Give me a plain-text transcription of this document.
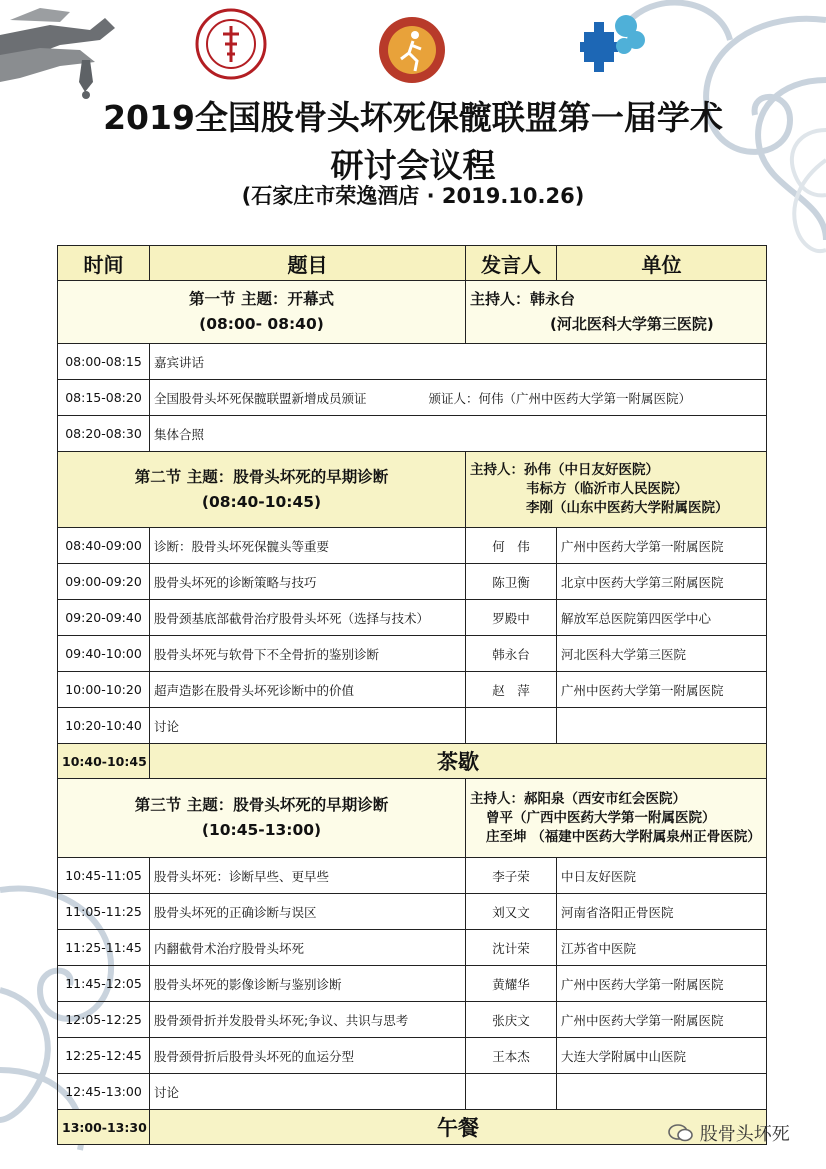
2019全国股骨头坏死保髋联盟第一届学术
研讨会议程
(石家庄市荣逸酒店 · 2019.10.26)
时间	题目	发言人	单位

第一节 主题：开幕式
(08:00- 08:40)		主持人：韩永台
(河北医科大学第三医院)	

08:00-08:15	嘉宾讲话		
08:15-08:20	全国股骨头坏死保髋联盟新增成员颁证 颁证人：何伟（广州中医药大学第一附属医院）		
08:20-08:30	集体合照		

第二节 主题：股骨头坏死的早期诊断
(08:40-10:45)		主持人：孙伟（中日友好医院）
韦标方（临沂市人民医院）
李刚（山东中医药大学附属医院）	

08:40-09:00	诊断：股骨头坏死保髋头等重要	何　伟	广州中医药大学第一附属医院
09:00-09:20	股骨头坏死的诊断策略与技巧	陈卫衡	北京中医药大学第三附属医院
09:20-09:40	股骨颈基底部截骨治疗股骨头坏死（选择与技术）	罗殿中	解放军总医院第四医学中心
09:40-10:00	股骨头坏死与软骨下不全骨折的鉴别诊断	韩永台	河北医科大学第三医院
10:00-10:20	超声造影在股骨头坏死诊断中的价值	赵　萍	广州中医药大学第一附属医院
10:20-10:40	讨论		
10:40-10:45	茶歇		

第三节 主题：股骨头坏死的早期诊断
(10:45-13:00)		主持人：郝阳泉（西安市红会医院）
曾平（广西中医药大学第一附属医院）
庄至坤 （福建中医药大学附属泉州正骨医院）	

10:45-11:05	股骨头坏死：诊断早些、更早些	李子荣	中日友好医院
11:05-11:25	股骨头坏死的正确诊断与误区	刘又文	河南省洛阳正骨医院
11:25-11:45	内翻截骨术治疗股骨头坏死	沈计荣	江苏省中医院
11:45-12:05	股骨头坏死的影像诊断与鉴别诊断	黄耀华	广州中医药大学第一附属医院
12:05-12:25	股骨颈骨折并发股骨头坏死;争议、共识与思考	张庆文	广州中医药大学第一附属医院
12:25-12:45	股骨颈骨折后股骨头坏死的血运分型	王本杰	大连大学附属中山医院
12:45-13:00	讨论		
13:00-13:30	午餐			股骨头坏死
